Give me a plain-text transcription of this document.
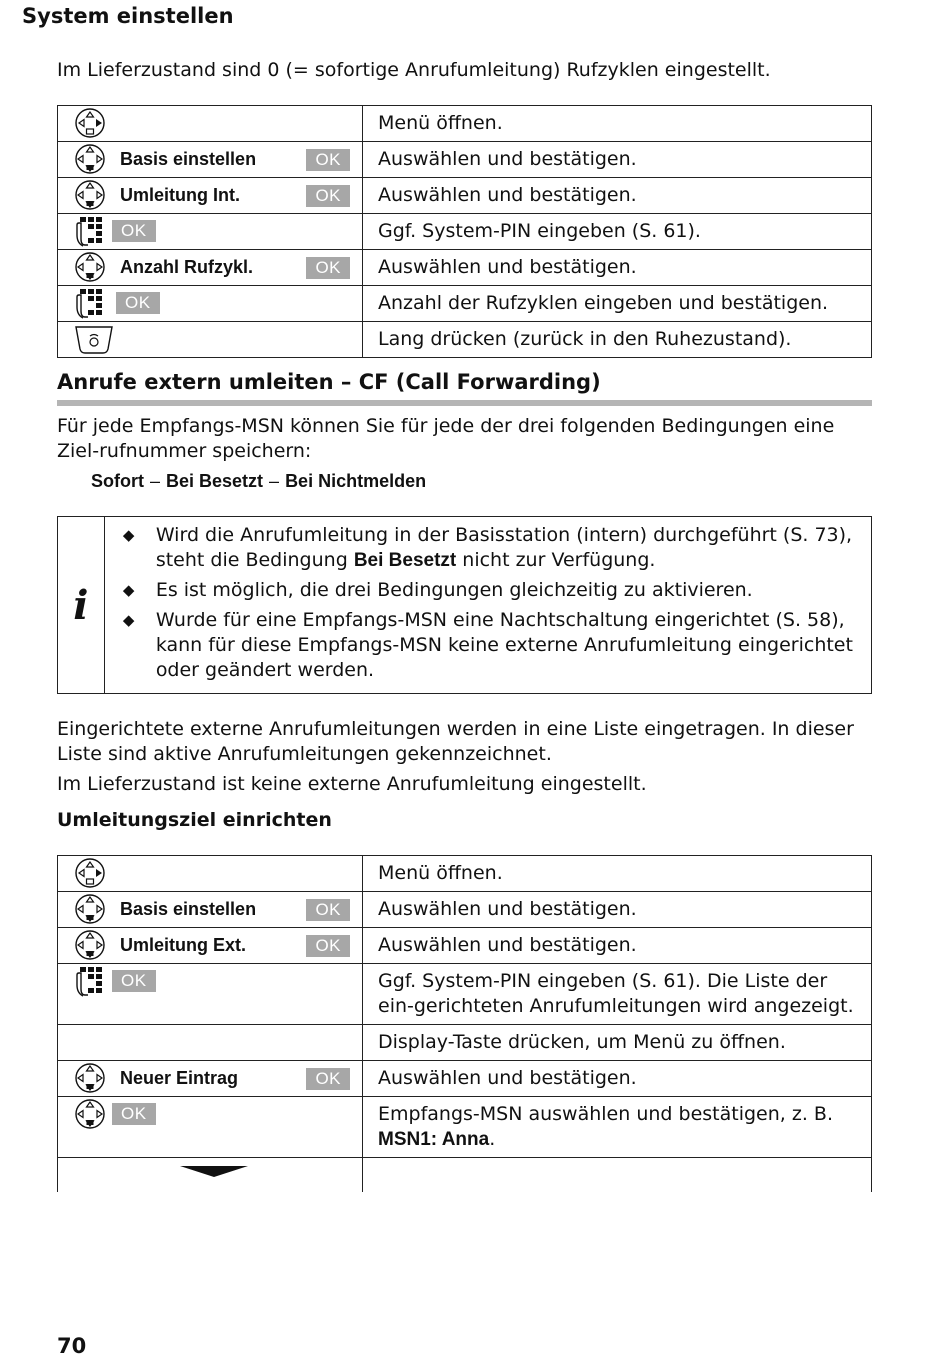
System einstellen
Im Lieferzustand sind 0 (= sofortige Anrufumleitung) Rufzyklen eingestellt.
	Menü öffnen.

Basis einstellen OK	Auswählen und bestätigen.

Umleitung Int. OK	Auswählen und bestätigen.

OK	Ggf. System-PIN eingeben (S. 61).

Anzahl Rufzykl. OK	Auswählen und bestätigen.

OK	Anzahl der Rufzyklen eingeben und bestätigen.

	Lang drücken (zurück in den Ruhezustand).
Anrufe extern umleiten – CF (Call Forwarding)
Für jede Empfangs-MSN können Sie für jede der drei folgenden Bedingungen eine Ziel-rufnummer speichern:
Sofort – Bei Besetzt – Bei Nichtmelden
i
◆ Wird die Anrufumleitung in der Basisstation (intern) durchgeführt (S. 73), steht die Bedingung Bei Besetzt nicht zur Verfügung.
◆ Es ist möglich, die drei Bedingungen gleichzeitig zu aktivieren.
◆ Wurde für eine Empfangs-MSN eine Nachtschaltung eingerichtet (S. 58), kann für diese Empfangs-MSN keine externe Anrufumleitung eingerichtet oder geändert werden.
Eingerichtete externe Anrufumleitungen werden in eine Liste eingetragen. In dieser Liste sind aktive Anrufumleitungen gekennzeichnet.
Im Lieferzustand ist keine externe Anrufumleitung eingestellt.
Umleitungsziel einrichten
	Menü öffnen.

Basis einstellen OK	Auswählen und bestätigen.

Umleitung Ext. OK	Auswählen und bestätigen.

OK	Ggf. System-PIN eingeben (S. 61). Die Liste der ein-gerichteten Anrufumleitungen wird angezeigt.

	Display-Taste drücken, um Menü zu öffnen.

Neuer Eintrag OK	Auswählen und bestätigen.

OK	Empfangs-MSN auswählen und bestätigen, z. B.
MSN1: Anna.

70
